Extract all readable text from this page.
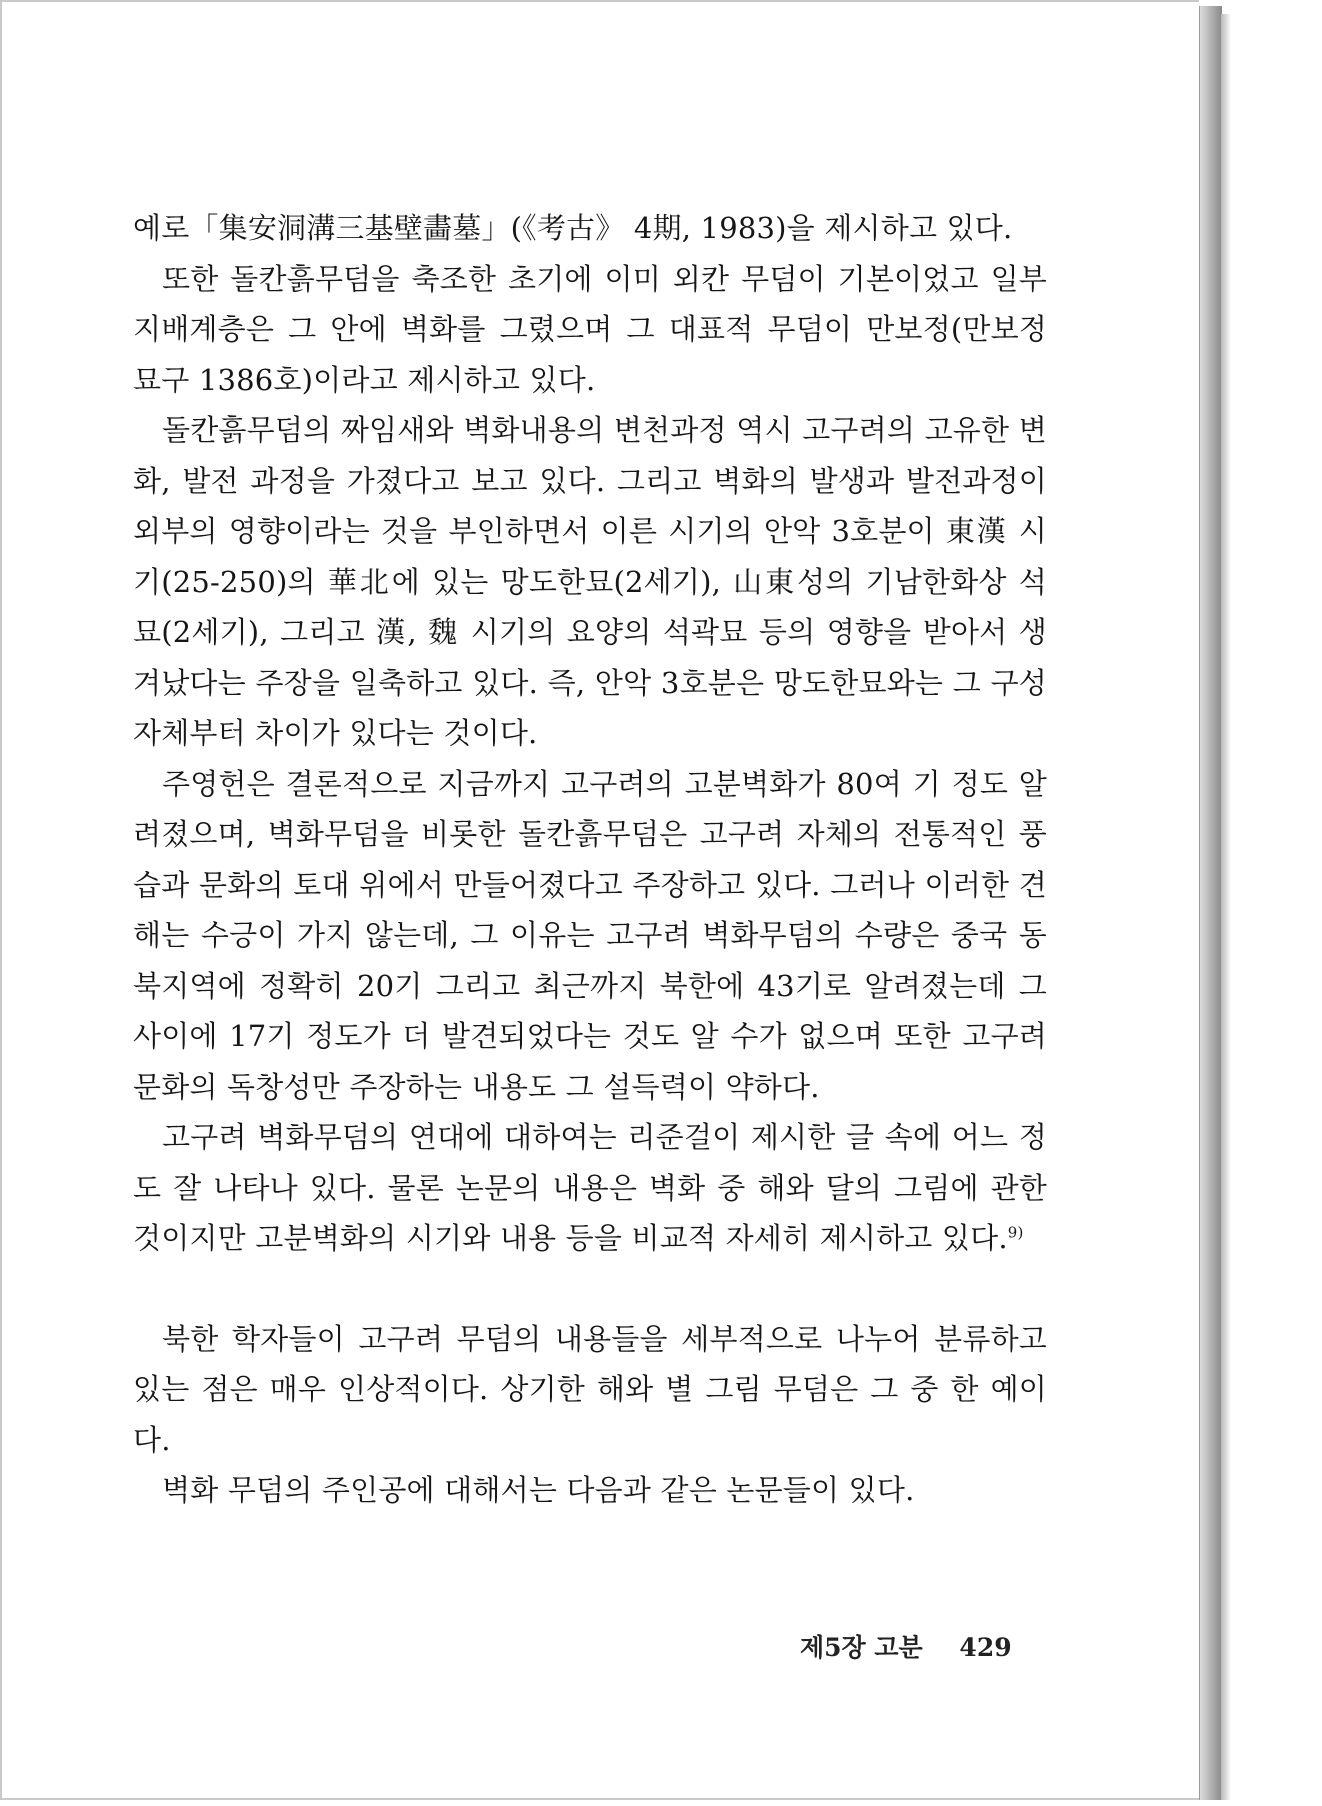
예로「集安洞溝三基壁畵墓」(《考古》 4期, 1983)을 제시하고 있다.

또한 돌칸흙무덤을 축조한 초기에 이미 외칸 무덤이 기본이었고 일부 지배계층은 그 안에 벽화를 그렸으며 그 대표적 무덤이 만보정(만보정 묘구 1386호)이라고 제시하고 있다.

돌칸흙무덤의 짜임새와 벽화내용의 변천과정 역시 고구려의 고유한 변화, 발전 과정을 가졌다고 보고 있다. 그리고 벽화의 발생과 발전과정이 외부의 영향이라는 것을 부인하면서 이른 시기의 안악 3호분이 東漢 시기(25-250)의 華北에 있는 망도한묘(2세기), 山東성의 기남한화상 석묘(2세기), 그리고 漢, 魏 시기의 요양의 석곽묘 등의 영향을 받아서 생겨났다는 주장을 일축하고 있다. 즉, 안악 3호분은 망도한묘와는 그 구성 자체부터 차이가 있다는 것이다.

주영헌은 결론적으로 지금까지 고구려의 고분벽화가 80여 기 정도 알려졌으며, 벽화무덤을 비롯한 돌칸흙무덤은 고구려 자체의 전통적인 풍습과 문화의 토대 위에서 만들어졌다고 주장하고 있다. 그러나 이러한 견해는 수긍이 가지 않는데, 그 이유는 고구려 벽화무덤의 수량은 중국 동북지역에 정확히 20기 그리고 최근까지 북한에 43기로 알려졌는데 그 사이에 17기 정도가 더 발견되었다는 것도 알 수가 없으며 또한 고구려 문화의 독창성만 주장하는 내용도 그 설득력이 약하다.

고구려 벽화무덤의 연대에 대하여는 리준걸이 제시한 글 속에 어느 정도 잘 나타나 있다. 물론 논문의 내용은 벽화 중 해와 달의 그림에 관한 것이지만 고분벽화의 시기와 내용 등을 비교적 자세히 제시하고 있다.$^{9)}$

북한 학자들이 고구려 무덤의 내용들을 세부적으로 나누어 분류하고 있는 점은 매우 인상적이다. 상기한 해와 별 그림 무덤은 그 중 한 예이다.

벽화 무덤의 주인공에 대해서는 다음과 같은 논문들이 있다.

제5장 고분 429
